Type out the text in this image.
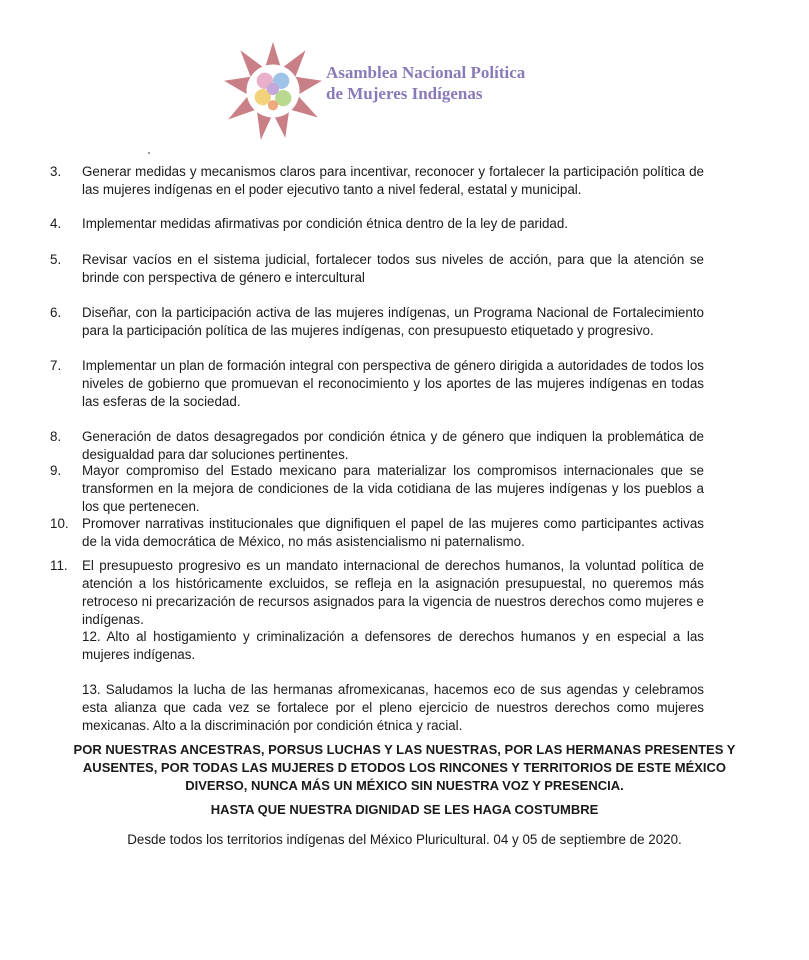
Asamblea Nacional Política
de Mujeres Indígenas
3. Generar medidas y mecanismos claros para incentivar, reconocer y fortalecer la participación política de las mujeres indígenas en el poder ejecutivo tanto a nivel federal, estatal y municipal.
4. Implementar medidas afirmativas por condición étnica dentro de la ley de paridad.
5. Revisar vacíos en el sistema judicial, fortalecer todos sus niveles de acción, para que la atención se brinde con perspectiva de género e intercultural
6. Diseñar, con la participación activa de las mujeres indígenas, un Programa Nacional de Fortalecimiento para la participación política de las mujeres indígenas, con presupuesto etiquetado y progresivo.
7. Implementar un plan de formación integral con perspectiva de género dirigida a autoridades de todos los niveles de gobierno que promuevan el reconocimiento y los aportes de las mujeres indígenas en todas las esferas de la sociedad.
8. Generación de datos desagregados por condición étnica y de género que indiquen la problemática de desigualdad para dar soluciones pertinentes.
9. Mayor compromiso del Estado mexicano para materializar los compromisos internacionales que se transformen en la mejora de condiciones de la vida cotidiana de las mujeres indígenas y los pueblos a los que pertenecen.
10. Promover narrativas institucionales que dignifiquen el papel de las mujeres como participantes activas de la vida democrática de México, no más asistencialismo ni paternalismo.
11. El presupuesto progresivo es un mandato internacional de derechos humanos, la voluntad política de atención a los históricamente excluidos, se refleja en la asignación presupuestal, no queremos más retroceso ni precarización de recursos asignados para la vigencia de nuestros derechos como mujeres e indígenas.
12. Alto al hostigamiento y criminalización a defensores de derechos humanos y en especial a las mujeres indígenas.
13. Saludamos la lucha de las hermanas afromexicanas, hacemos eco de sus agendas y celebramos esta alianza que cada vez se fortalece por el pleno ejercicio de nuestros derechos como mujeres mexicanas. Alto a la discriminación por condición étnica y racial.
POR NUESTRAS ANCESTRAS, PORSUS LUCHAS Y LAS NUESTRAS, POR LAS HERMANAS PRESENTES Y
AUSENTES, POR TODAS LAS MUJERES D ETODOS LOS RINCONES Y TERRITORIOS DE ESTE MÉXICO
DIVERSO, NUNCA MÁS UN MÉXICO SIN NUESTRA VOZ Y PRESENCIA.
HASTA QUE NUESTRA DIGNIDAD SE LES HAGA COSTUMBRE
Desde todos los territorios indígenas del México Pluricultural. 04 y 05 de septiembre de 2020.
